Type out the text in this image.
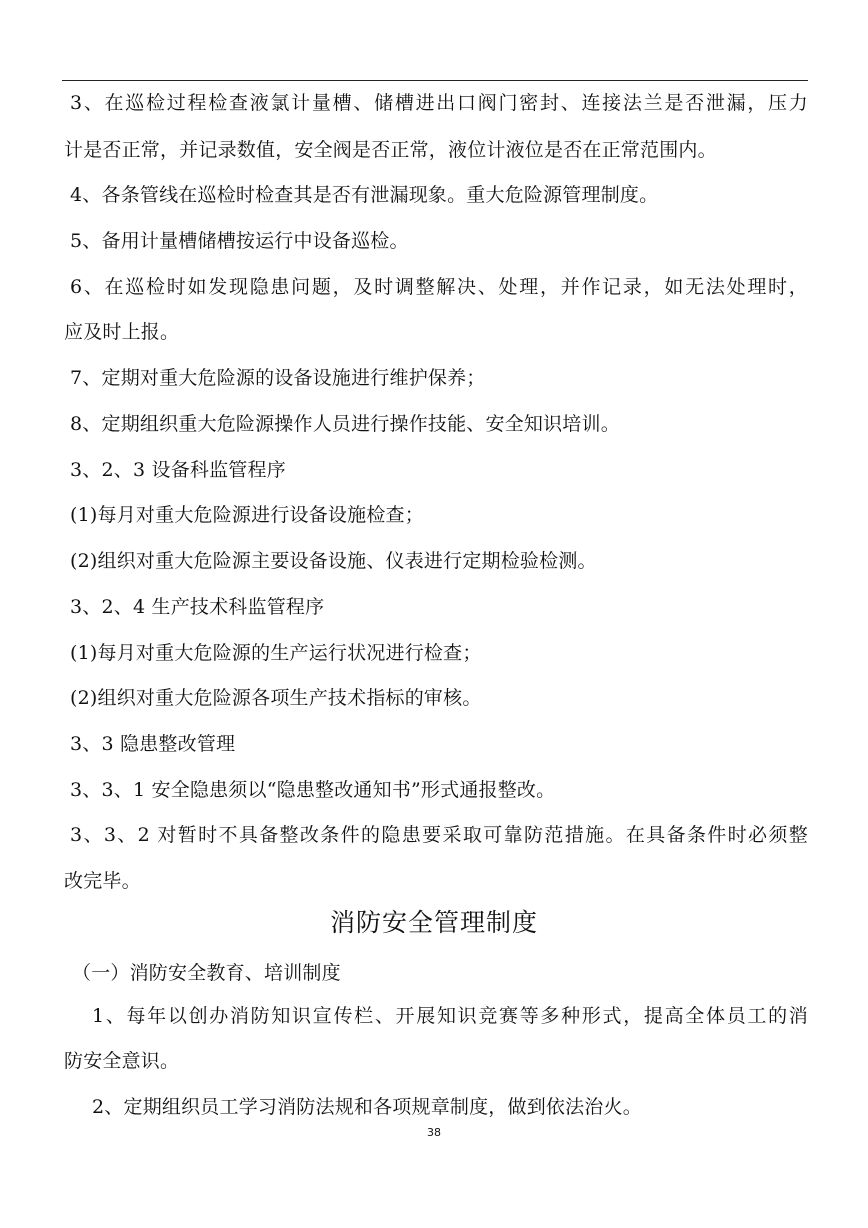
3、在巡检过程检查液氯计量槽、储槽进出口阀门密封、连接法兰是否泄漏，压力
计是否正常，并记录数值，安全阀是否正常，液位计液位是否在正常范围内。
4、各条管线在巡检时检查其是否有泄漏现象。重大危险源管理制度。
5、备用计量槽储槽按运行中设备巡检。
6、在巡检时如发现隐患问题，及时调整解决、处理，并作记录，如无法处理时，
应及时上报。
7、定期对重大危险源的设备设施进行维护保养；
8、定期组织重大危险源操作人员进行操作技能、安全知识培训。
3、2、3 设备科监管程序
(1)每月对重大危险源进行设备设施检查；
(2)组织对重大危险源主要设备设施、仪表进行定期检验检测。
3、2、4 生产技术科监管程序
(1)每月对重大危险源的生产运行状况进行检查；
(2)组织对重大危险源各项生产技术指标的审核。
3、3 隐患整改管理
3、3、1 安全隐患须以“隐患整改通知书”形式通报整改。
3、3、2 对暂时不具备整改条件的隐患要采取可靠防范措施。在具备条件时必须整
改完毕。
消防安全管理制度
（一）消防安全教育、培训制度
1、每年以创办消防知识宣传栏、开展知识竞赛等多种形式，提高全体员工的消
防安全意识。
2、定期组织员工学习消防法规和各项规章制度，做到依法治火。
38
